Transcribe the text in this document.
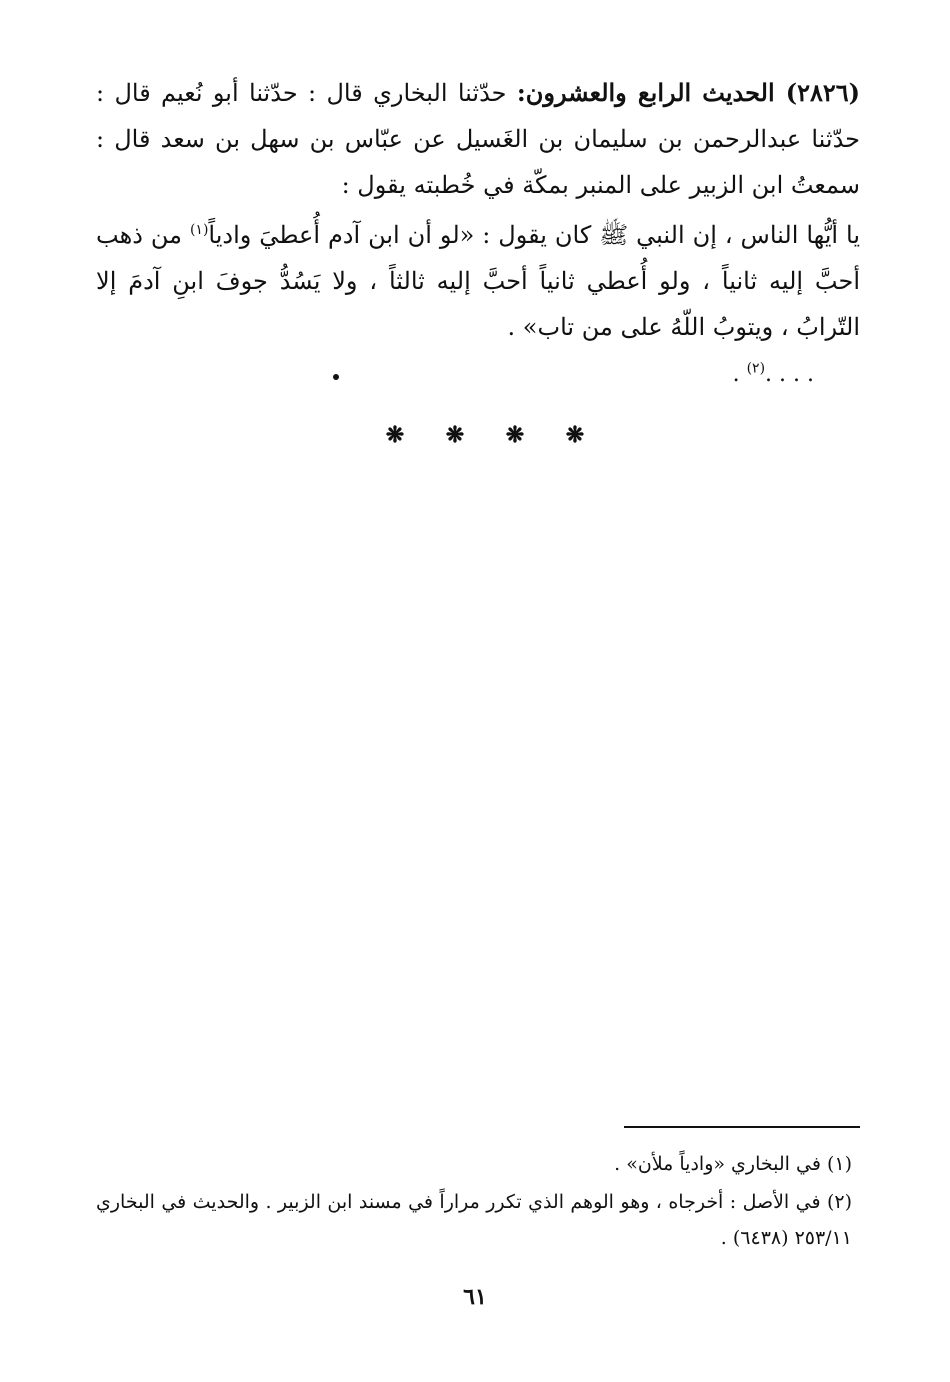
(٢٨٢٦) الحديث الرابع والعشرون: حدّثنا البخاري قال : حدّثنا أبو نُعيم قال : حدّثنا عبدالرحمن بن سليمان بن الغَسيل عن عبّاس بن سهل بن سعد قال : سمعتُ ابن الزبير على المنبر بمكّة في خُطبته يقول :

يا أيُّها الناس ، إن النبي ﷺ كان يقول : «لو أن ابن آدم أُعطيَ وادياً$^{(١)}$ من ذهب أحبَّ إليه ثانياً ، ولو أُعطي ثانياً أحبَّ إليه ثالثاً ، ولا يَسُدُّ جوفَ ابنِ آدمَ إلا التّرابُ ، ويتوبُ اللّهُ على من تاب» .

. . . .$^{(٢)}$ .
❋
❋
❋
❋

(١) في البخاري «وادياً ملأن» .

(٢) في الأصل : أخرجاه ، وهو الوهم الذي تكرر مراراً في مسند ابن الزبير . والحديث في البخاري ٢٥٣/١١ (٦٤٣٨) .

٦١
